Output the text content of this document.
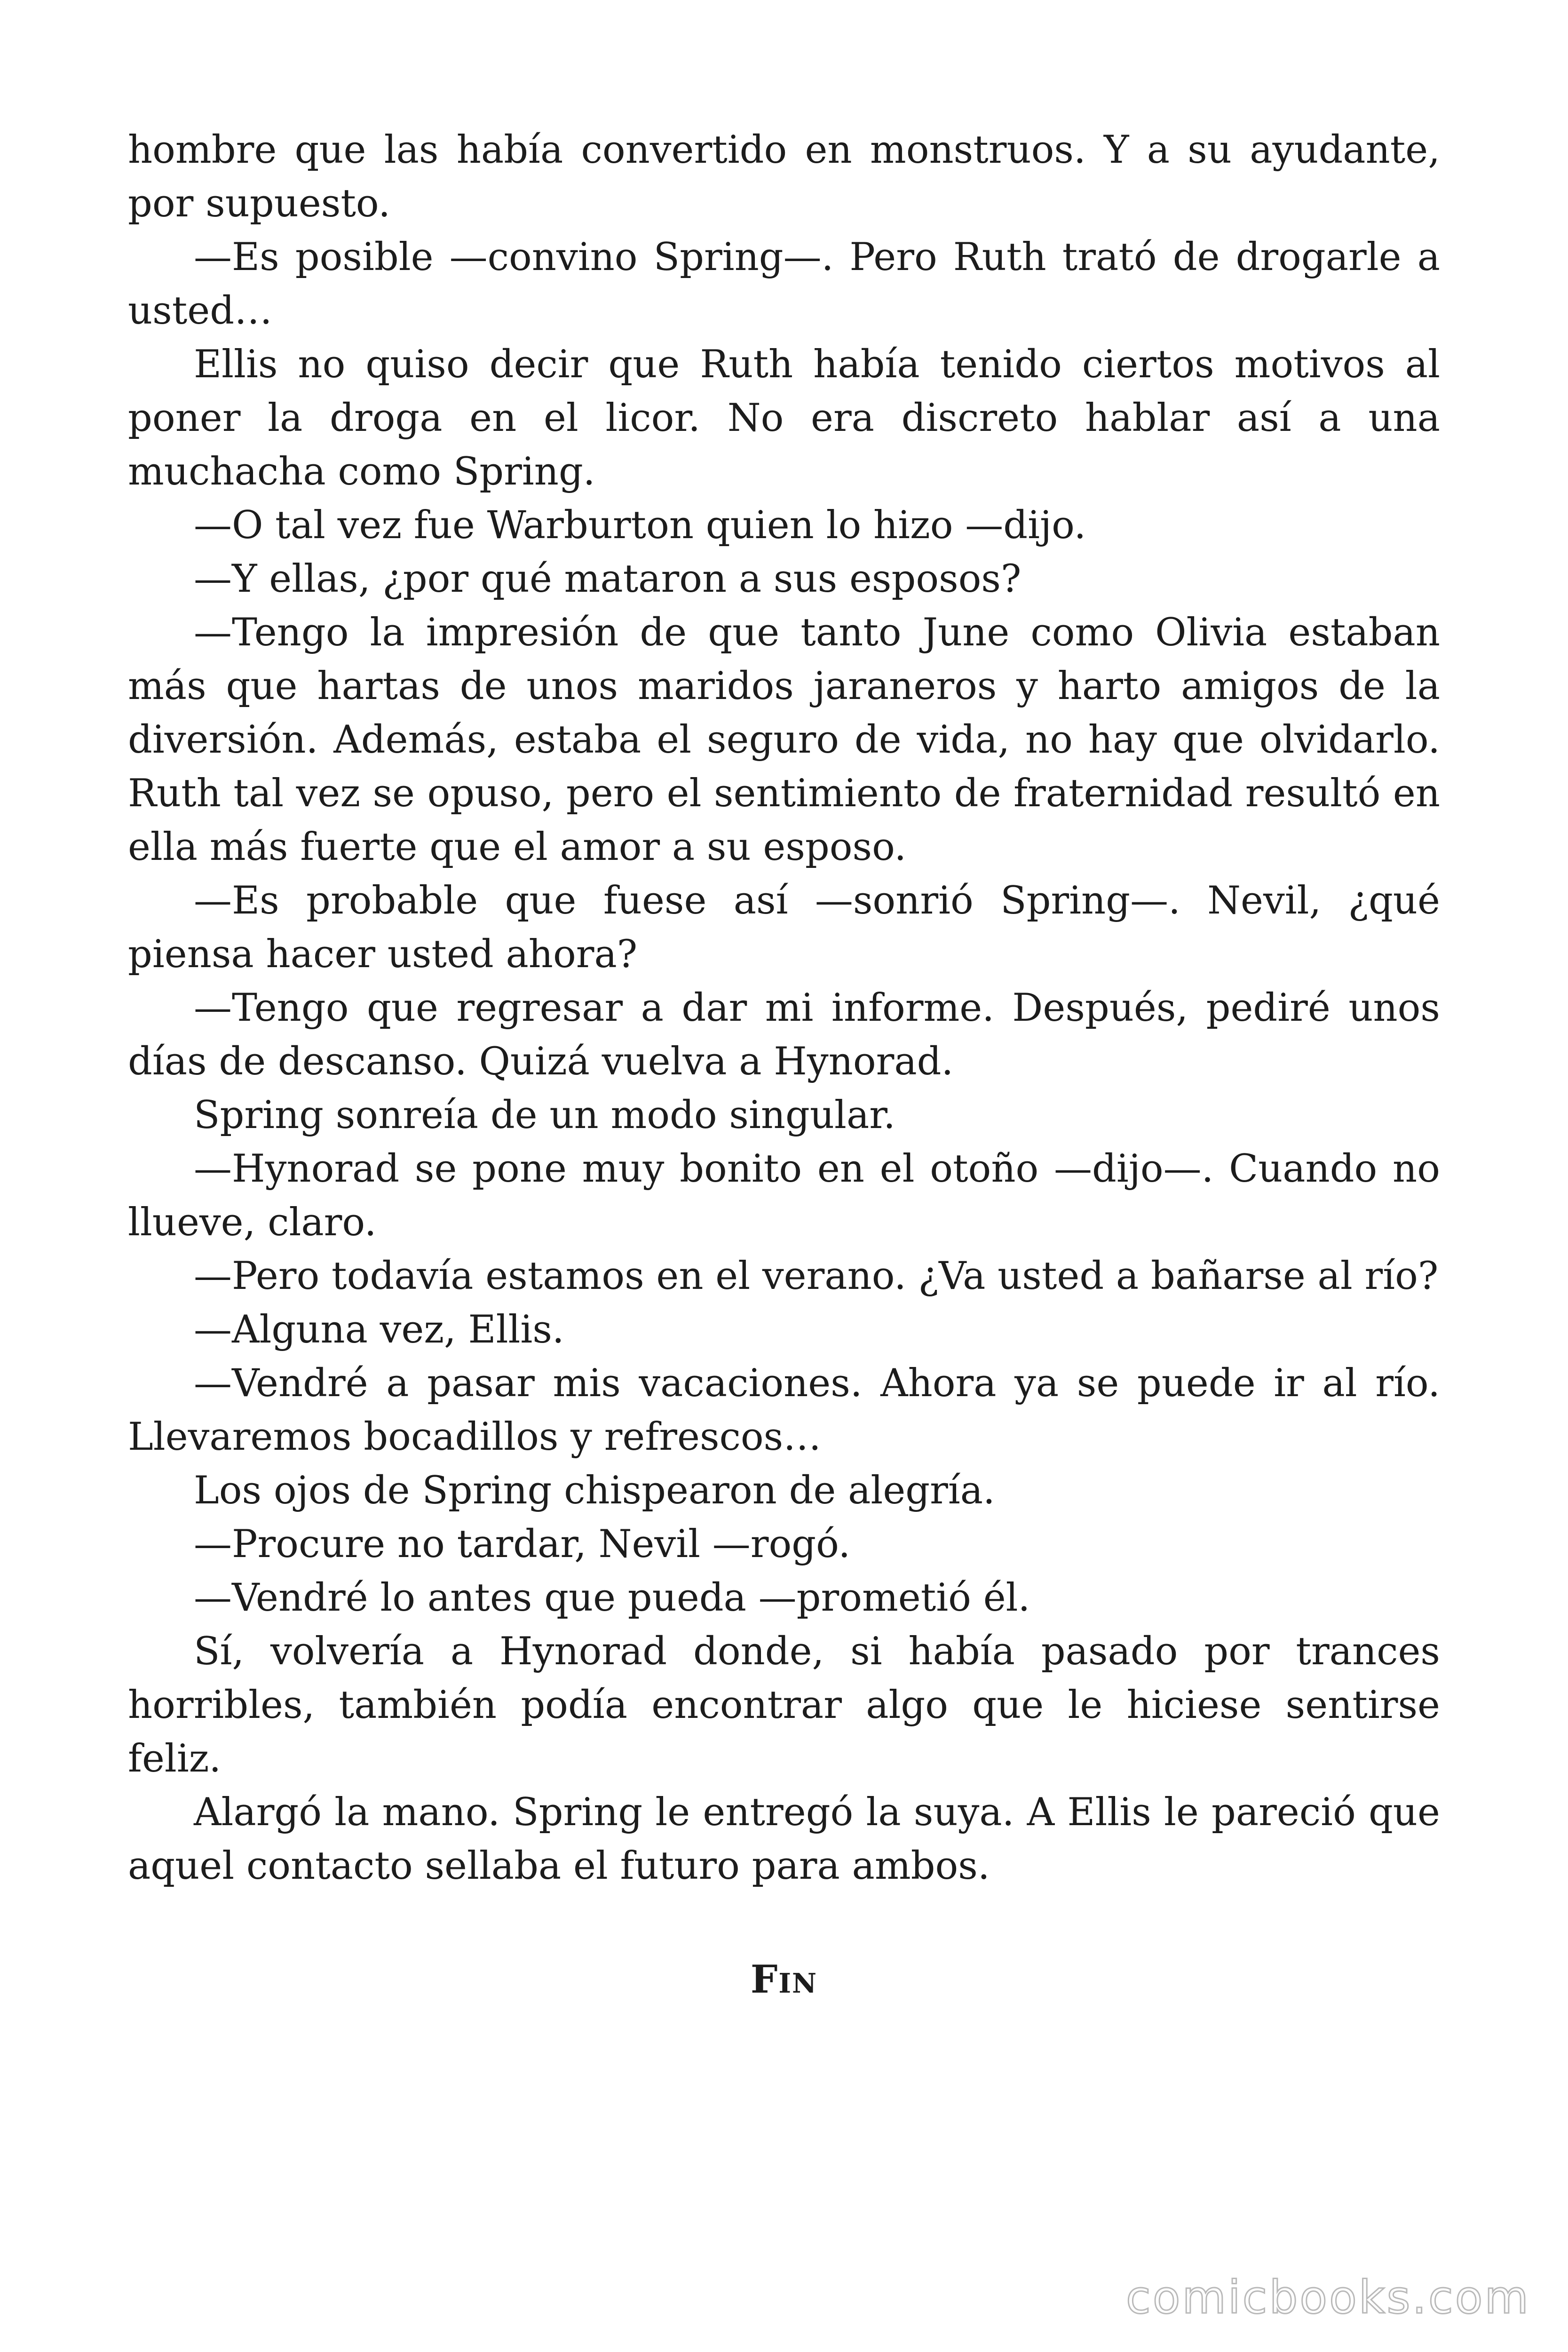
hombre que las había convertido en monstruos. Y a su ayudante, por supuesto.

—Es posible —convino Spring—. Pero Ruth trató de drogarle a usted…

Ellis no quiso decir que Ruth había tenido ciertos motivos al poner la droga en el licor. No era discreto hablar así a una muchacha como Spring.

—O tal vez fue Warburton quien lo hizo —dijo.

—Y ellas, ¿por qué mataron a sus esposos?

—Tengo la impresión de que tanto June como Olivia estaban más que hartas de unos maridos jaraneros y harto amigos de la diversión. Además, estaba el seguro de vida, no hay que olvidarlo. Ruth tal vez se opuso, pero el sentimiento de fraternidad resultó en ella más fuerte que el amor a su esposo.

—Es probable que fuese así —sonrió Spring—. Nevil, ¿qué piensa hacer usted ahora?

—Tengo que regresar a dar mi informe. Después, pediré unos días de descanso. Quizá vuelva a Hynorad.

Spring sonreía de un modo singular.

—Hynorad se pone muy bonito en el otoño —dijo—. Cuando no llueve, claro.

—Pero todavía estamos en el verano. ¿Va usted a bañarse al río?

—Alguna vez, Ellis.

—Vendré a pasar mis vacaciones. Ahora ya se puede ir al río. Llevaremos bocadillos y refrescos…

Los ojos de Spring chispearon de alegría.

—Procure no tardar, Nevil —rogó.

—Vendré lo antes que pueda —prometió él.

Sí, volvería a Hynorad donde, si había pasado por trances horribles, también podía encontrar algo que le hiciese sentirse feliz.

Alargó la mano. Spring le entregó la suya. A Ellis le pareció que aquel contacto sellaba el futuro para ambos.

Fin

comicbooks.com
